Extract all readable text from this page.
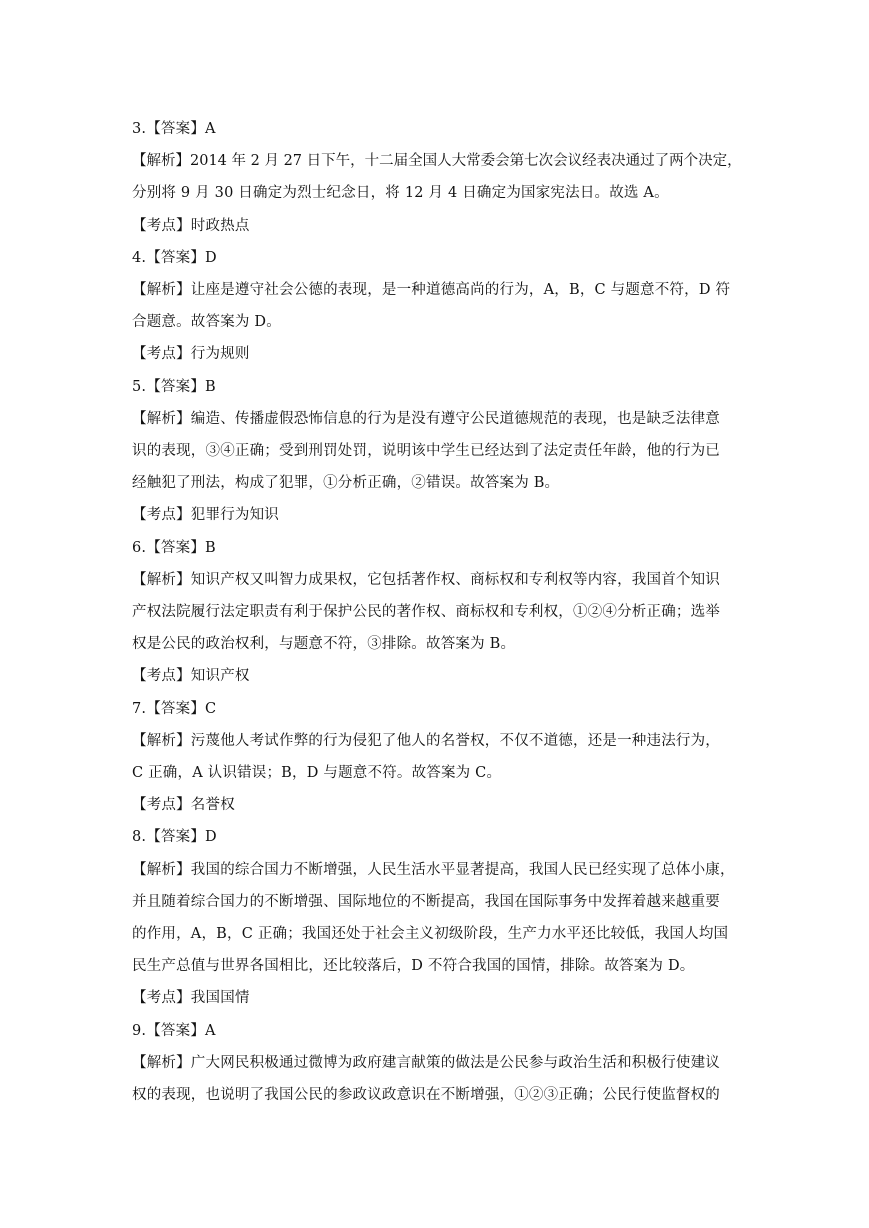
3.【答案】A
【解析】2014 年 2 月 27 日下午，十二届全国人大常委会第七次会议经表决通过了两个决定，
分别将 9 月 30 日确定为烈士纪念日，将 12 月 4 日确定为国家宪法日。故选 A。
【考点】时政热点
4.【答案】D
【解析】让座是遵守社会公德的表现，是一种道德高尚的行为，A，B，C 与题意不符，D 符
合题意。故答案为 D。
【考点】行为规则
5.【答案】B
【解析】编造、传播虚假恐怖信息的行为是没有遵守公民道德规范的表现，也是缺乏法律意
识的表现，③④正确；受到刑罚处罚，说明该中学生已经达到了法定责任年龄，他的行为已
经触犯了刑法，构成了犯罪，①分析正确，②错误。故答案为 B。
【考点】犯罪行为知识
6.【答案】B
【解析】知识产权又叫智力成果权，它包括著作权、商标权和专利权等内容，我国首个知识
产权法院履行法定职责有利于保护公民的著作权、商标权和专利权，①②④分析正确；选举
权是公民的政治权利，与题意不符，③排除。故答案为 B。
【考点】知识产权
7.【答案】C
【解析】污蔑他人考试作弊的行为侵犯了他人的名誉权，不仅不道德，还是一种违法行为，
C 正确，A 认识错误；B，D 与题意不符。故答案为 C。
【考点】名誉权
8.【答案】D
【解析】我国的综合国力不断增强，人民生活水平显著提高，我国人民已经实现了总体小康，
并且随着综合国力的不断增强、国际地位的不断提高，我国在国际事务中发挥着越来越重要
的作用，A，B，C 正确；我国还处于社会主义初级阶段，生产力水平还比较低，我国人均国
民生产总值与世界各国相比，还比较落后，D 不符合我国的国情，排除。故答案为 D。
【考点】我国国情
9.【答案】A
【解析】广大网民积极通过微博为政府建言献策的做法是公民参与政治生活和积极行使建议
权的表现，也说明了我国公民的参政议政意识在不断增强，①②③正确；公民行使监督权的
